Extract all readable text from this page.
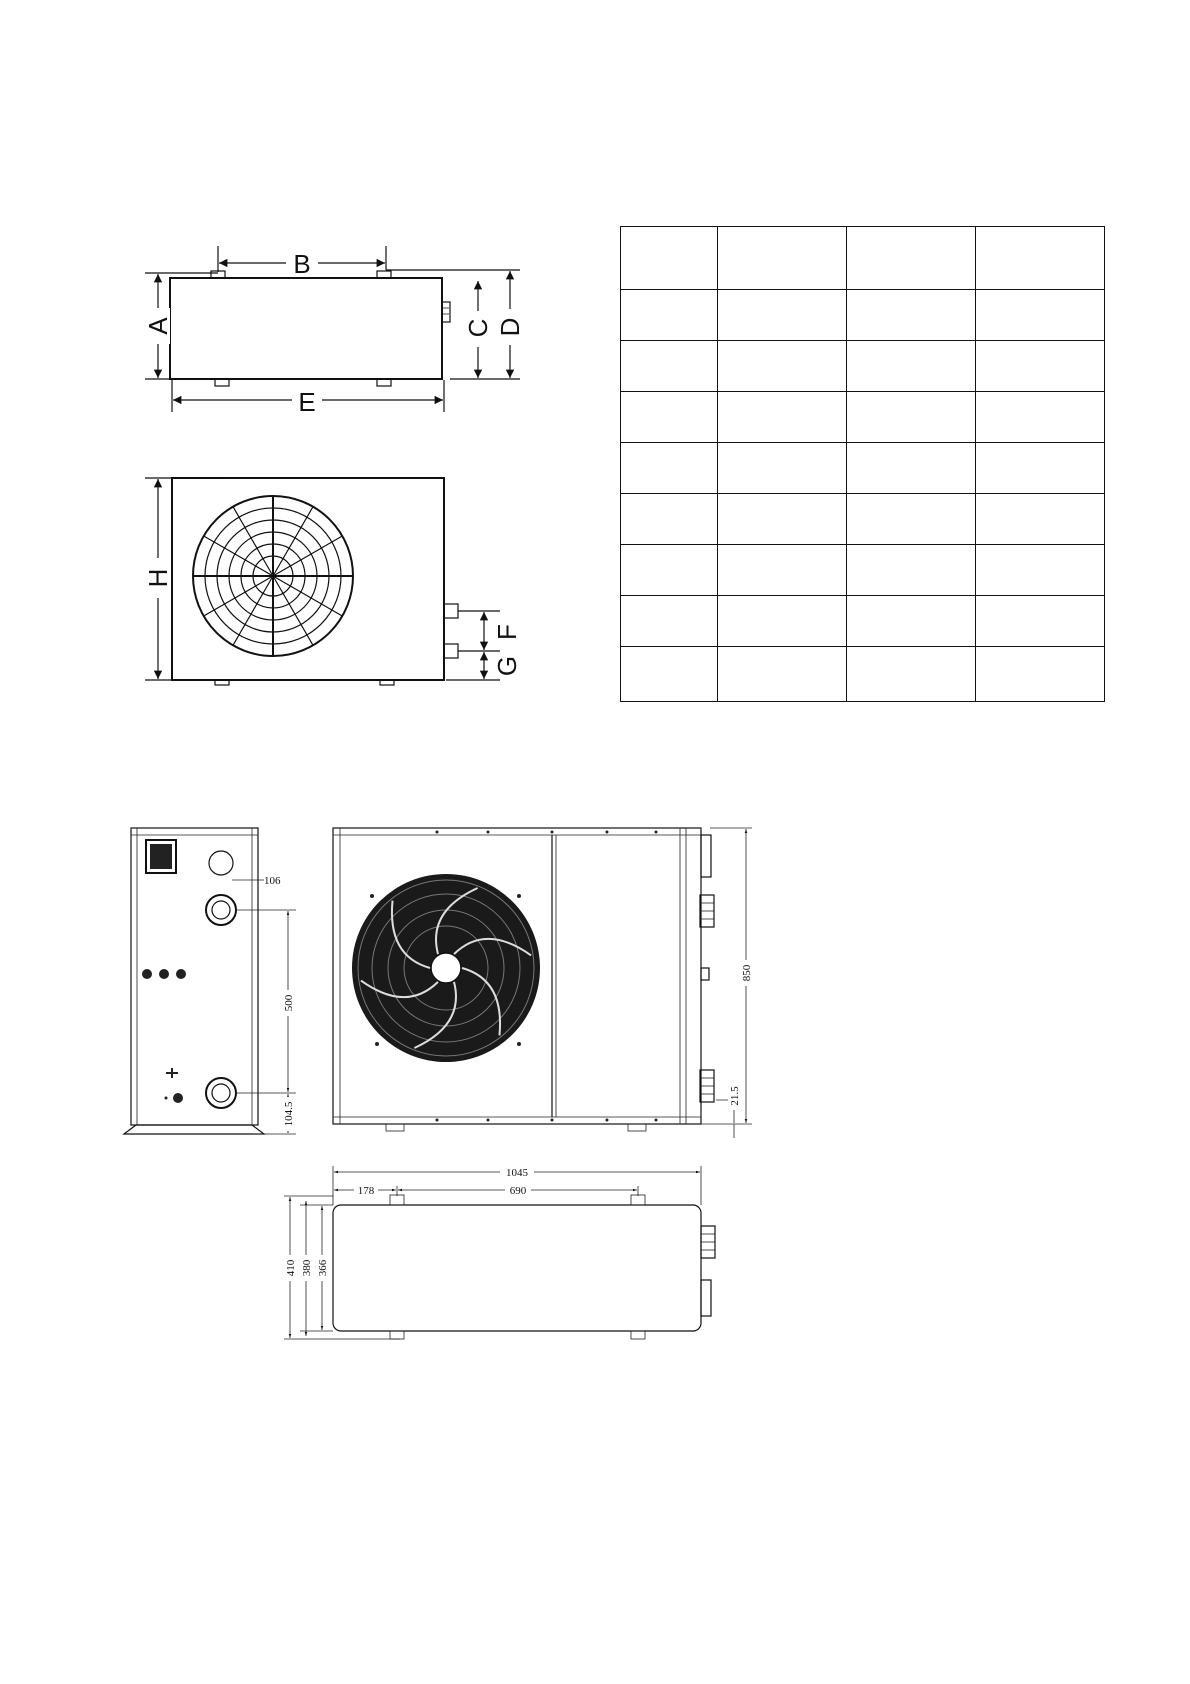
A
B
C D
E
H
F
G
106
500
104.5
850
21.5
1045
178	690
410 380 366
